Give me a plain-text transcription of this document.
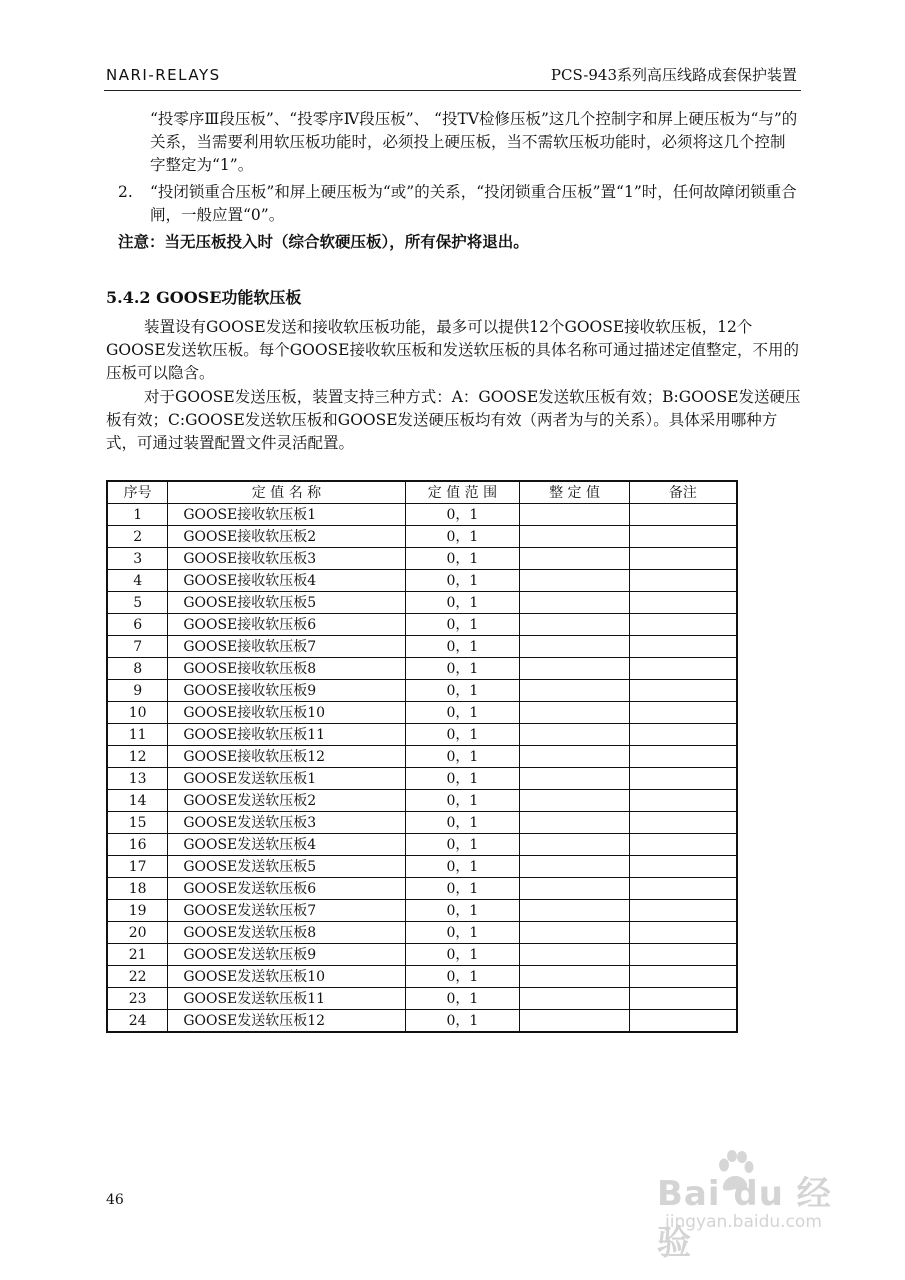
NARI-RELAYS	PCS-943系列高压线路成套保护装置
“投零序Ⅲ段压板”、“投零序Ⅳ段压板”、 “投TV检修压板”这几个控制字和屏上硬压板为“与”的关系，当需要利用软压板功能时，必须投上硬压板，当不需软压板功能时，必须将这几个控制字整定为“1”。
2. “投闭锁重合压板”和屏上硬压板为“或”的关系，“投闭锁重合压板”置“1”时，任何故障闭锁重合闸，一般应置“0”。
注意：当无压板投入时（综合软硬压板），所有保护将退出。
5.4.2 GOOSE功能软压板
装置设有GOOSE发送和接收软压板功能，最多可以提供12个GOOSE接收软压板，12个GOOSE发送软压板。每个GOOSE接收软压板和发送软压板的具体名称可通过描述定值整定，不用的压板可以隐含。
对于GOOSE发送压板，装置支持三种方式：A：GOOSE发送软压板有效；B:GOOSE发送硬压板有效；C:GOOSE发送软压板和GOOSE发送硬压板均有效（两者为与的关系）。具体采用哪种方式，可通过装置配置文件灵活配置。
序号	定 值 名 称	定 值 范 围	整 定 值	备注
1	GOOSE接收软压板1	0，1		
2	GOOSE接收软压板2	0，1		
3	GOOSE接收软压板3	0，1		
4	GOOSE接收软压板4	0，1		
5	GOOSE接收软压板5	0，1		
6	GOOSE接收软压板6	0，1		
7	GOOSE接收软压板7	0，1		
8	GOOSE接收软压板8	0，1		
9	GOOSE接收软压板9	0，1		
10	GOOSE接收软压板10	0，1		
11	GOOSE接收软压板11	0，1		
12	GOOSE接收软压板12	0，1		
13	GOOSE发送软压板1	0，1		
14	GOOSE发送软压板2	0，1		
15	GOOSE发送软压板3	0，1		
16	GOOSE发送软压板4	0，1		
17	GOOSE发送软压板5	0，1		
18	GOOSE发送软压板6	0，1		
19	GOOSE发送软压板7	0，1		
20	GOOSE发送软压板8	0，1		
21	GOOSE发送软压板9	0，1		
22	GOOSE发送软压板10	0，1		
23	GOOSE发送软压板11	0，1		
24	GOOSE发送软压板12	0，1		
46	Bai du 经验
jingyan.baidu.com
